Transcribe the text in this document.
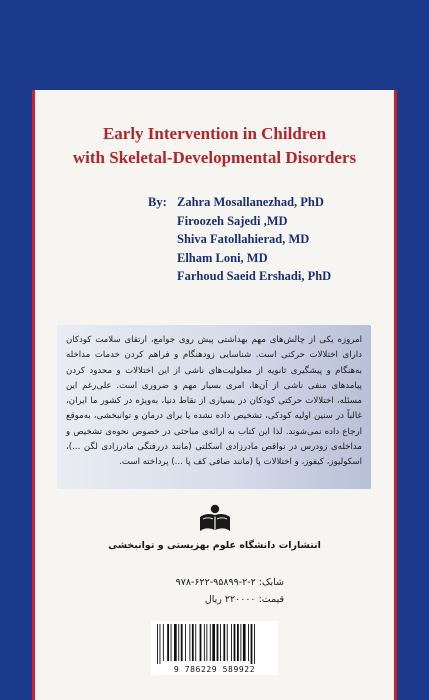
Early Intervention in Children
with Skeletal-Developmental Disorders
By: Zahra Mosallanezhad, PhD
Firoozeh Sajedi ,MD
Shiva Fatollahierad, MD
Elham Loni, MD
Farhoud Saeid Ershadi, PhD
امروزه یکی از چالش‌های مهم بهداشتی پیش روی جوامع، ارتقای سلامت کودکان دارای اختلالات حرکتی است. شناسایی زودهنگام و فراهم کردن خدمات مداخله به‌هنگام و پیشگیری ثانویه از معلولیت‌های ناشی از این اختلالات و محدود کردن پیامدهای منفی ناشی از آن‌ها، امری بسیار مهم و ضروری است. علی‌رغم این مسئله، اختلالات حرکتی کودکان در بسیاری از نقاط دنیا، به‌ویژه در کشور ما ایران، غالباً در سنین اولیه کودکی، تشخیص داده نشده یا برای درمان و توانبخشی، به‌موقع ارجاع داده نمی‌شوند. لذا این کتاب به ارائه‌ی مباحثی در خصوص نحوه‌ی تشخیص و مداخله‌ی زودرس در نواقص مادرزادی اسکلتی (مانند دررفتگی مادرزادی لگن ...)، اسکولیوز، کیفوز، و اختلالات پا (مانند صافی کف پا ...) پرداخته است.
انتشارات دانشگاه علوم بهزیستی و توانبخشی
شابک: ۲-۲-۹۵۸۹۹-۶۲۲-۹۷۸
قیمت: ۲۲۰۰۰۰ ریال
9 786229 589922
